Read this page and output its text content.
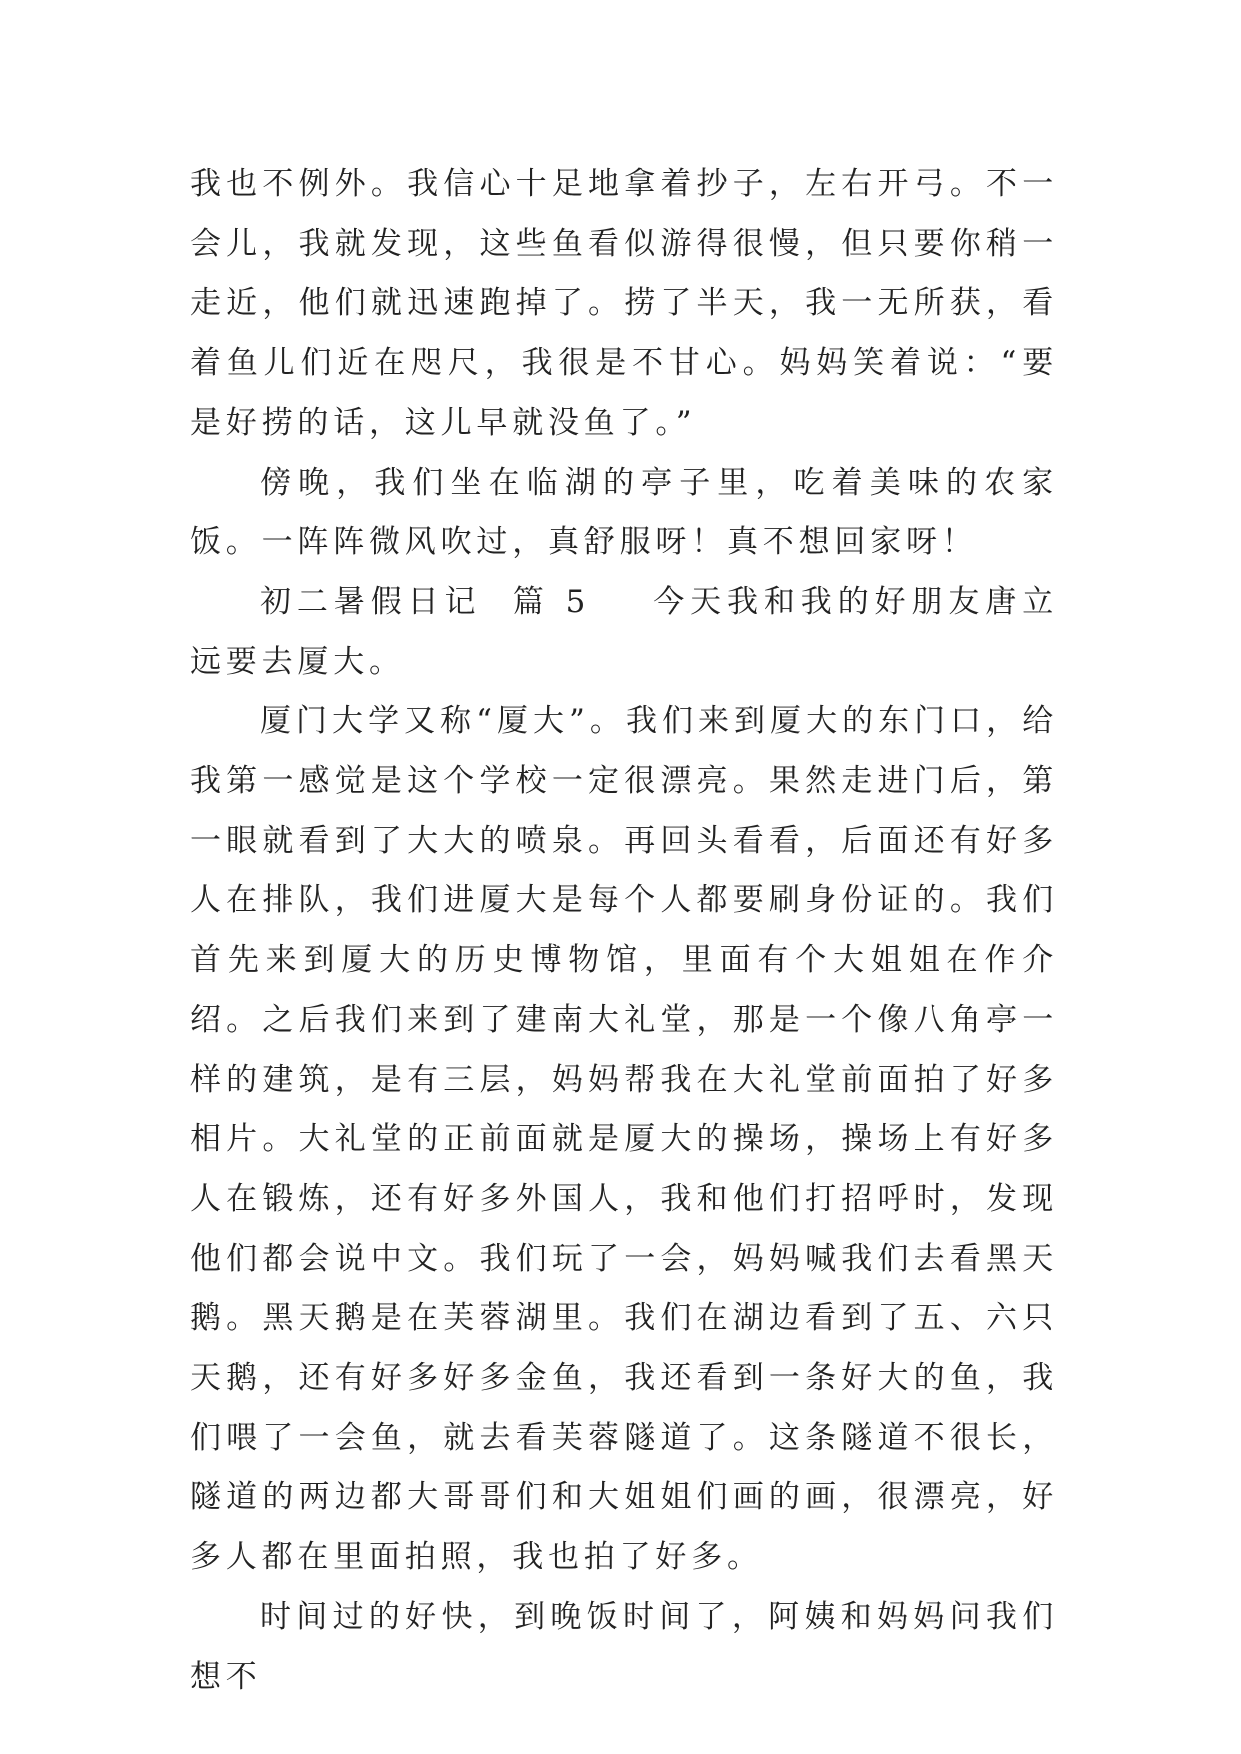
我也不例外。我信心十足地拿着抄子，左右开弓。不一会儿，我就发现，这些鱼看似游得很慢，但只要你稍一走近，他们就迅速跑掉了。捞了半天，我一无所获，看着鱼儿们近在咫尺，我很是不甘心。妈妈笑着说：“要是好捞的话，这儿早就没鱼了。”

傍晚，我们坐在临湖的亭子里，吃着美味的农家饭。一阵阵微风吹过，真舒服呀！真不想回家呀！

初二暑假日记 篇 5 今天我和我的好朋友唐立远要去厦大。

厦门大学又称“厦大”。我们来到厦大的东门口，给我第一感觉是这个学校一定很漂亮。果然走进门后，第一眼就看到了大大的喷泉。再回头看看，后面还有好多人在排队，我们进厦大是每个人都要刷身份证的。我们首先来到厦大的历史博物馆，里面有个大姐姐在作介绍。之后我们来到了建南大礼堂，那是一个像八角亭一样的建筑，是有三层，妈妈帮我在大礼堂前面拍了好多相片。大礼堂的正前面就是厦大的操场，操场上有好多人在锻炼，还有好多外国人，我和他们打招呼时，发现他们都会说中文。我们玩了一会，妈妈喊我们去看黑天鹅。黑天鹅是在芙蓉湖里。我们在湖边看到了五、六只天鹅，还有好多好多金鱼，我还看到一条好大的鱼，我们喂了一会鱼，就去看芙蓉隧道了。这条隧道不很长，隧道的两边都大哥哥们和大姐姐们画的画，很漂亮，好多人都在里面拍照，我也拍了好多。

时间过的好快，到晚饭时间了，阿姨和妈妈问我们想不
